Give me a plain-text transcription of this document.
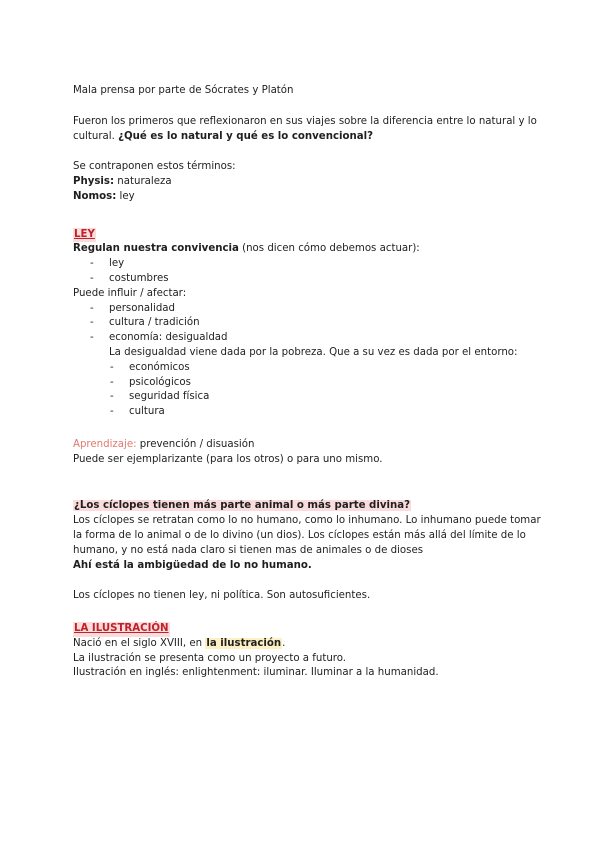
Mala prensa por parte de Sócrates y Platón

Fueron los primeros que reflexionaron en sus viajes sobre la diferencia entre lo natural y lo cultural. ¿Qué es lo natural y qué es lo convencional?

Se contraponen estos términos:

Physis: naturaleza

Nomos: ley

LEY

Regulan nuestra convivencia (nos dicen cómo debemos actuar):

- ley
- costumbres

Puede influir / afectar:

- personalidad
- cultura / tradición
- economía: desigualdad

La desigualdad viene dada por la pobreza. Que a su vez es dada por el entorno:

- económicos
- psicológicos
- seguridad física
- cultura

Aprendizaje: prevención / disuasión

Puede ser ejemplarizante (para los otros) o para uno mismo.

¿Los cíclopes tienen más parte animal o más parte divina?

Los cíclopes se retratan como lo no humano, como lo inhumano. Lo inhumano puede tomar la forma de lo animal o de lo divino (un dios). Los cíclopes están más allá del límite de lo humano, y no está nada claro si tienen mas de animales o de dioses

Ahí está la ambigüedad de lo no humano.

Los cíclopes no tienen ley, ni política. Son autosuficientes.

LA ILUSTRACIÓN

Nació en el siglo XVIII, en la ilustración.

La ilustración se presenta como un proyecto a futuro.

Ilustración en inglés: enlightenment: iluminar. Iluminar a la humanidad.
